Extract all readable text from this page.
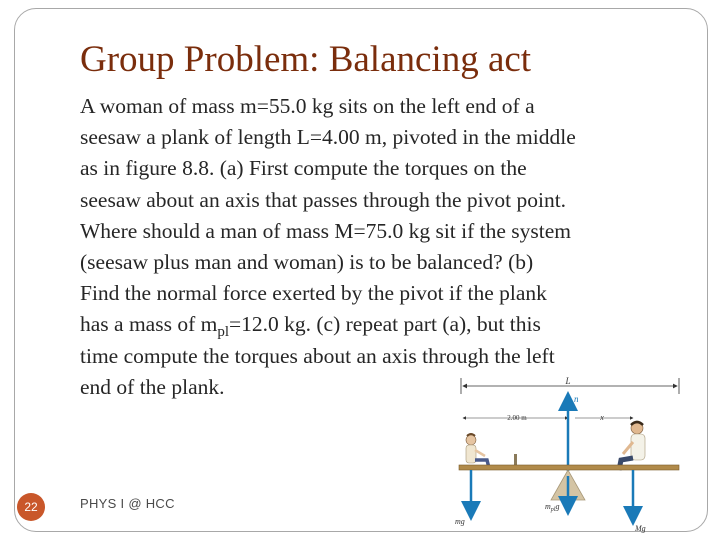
Group Problem: Balancing act
A woman of mass m=55.0 kg sits on the left end of a
seesaw a plank of length L=4.00 m, pivoted in the middle
as in figure 8.8. (a) First compute the torques on the
seesaw about an axis that passes through the pivot point.
Where should a man of mass M=75.0 kg sit if the system
(seesaw plus man and woman) is to be balanced? (b)
Find the normal force exerted by the pivot if the plank
has a mass of $m_{pl}=12.0$ kg. (c) repeat part (a), but this
time compute the torques about an axis through the left
end of the plank.
22	PHYS I @ HCC
L
2.00 m	x
n
mg
$m_{pl}g$
Mg
